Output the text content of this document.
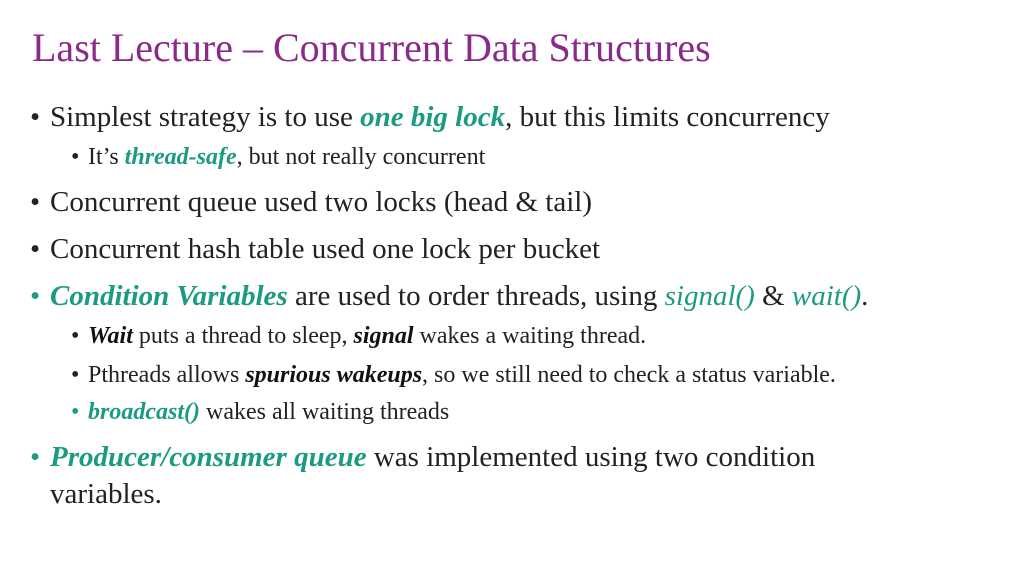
Last Lecture – Concurrent Data Structures
• Simplest strategy is to use one big lock, but this limits concurrency
• It’s thread-safe, but not really concurrent
• Concurrent queue used two locks (head & tail)
• Concurrent hash table used one lock per bucket
• Condition Variables are used to order threads, using signal() & wait().
• Wait puts a thread to sleep, signal wakes a waiting thread.
• Pthreads allows spurious wakeups, so we still need to check a status variable.
• broadcast() wakes all waiting threads
• Producer/consumer queue was implemented using two condition
variables.
